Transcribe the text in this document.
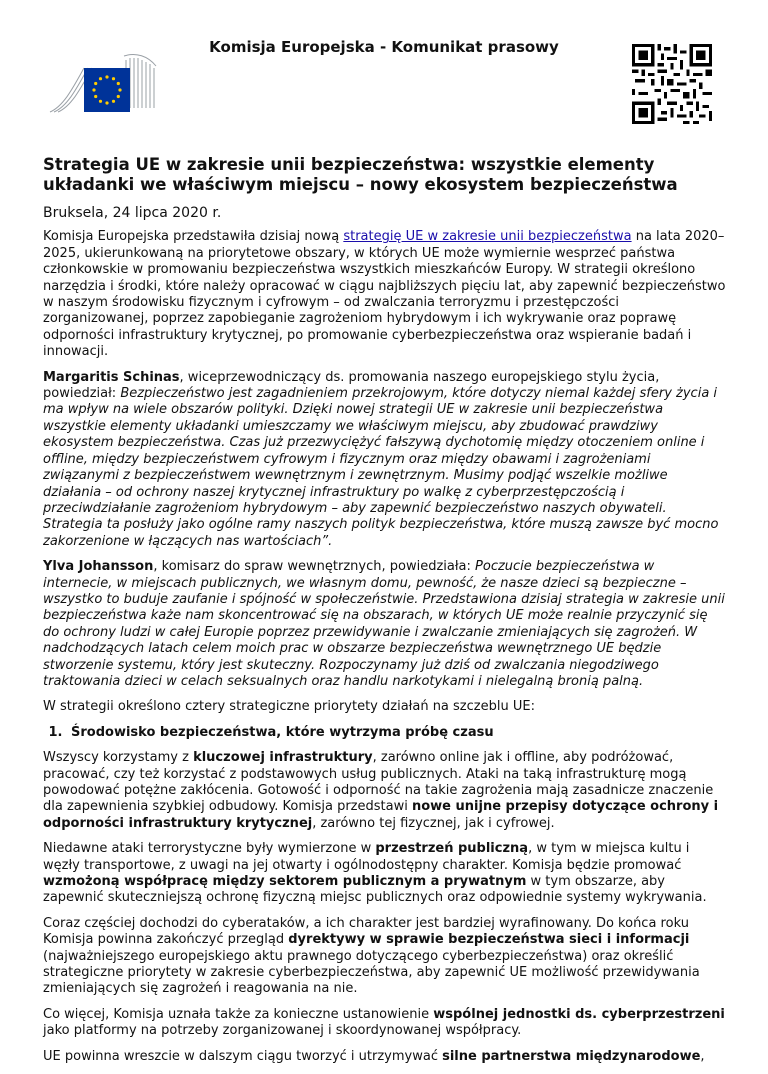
Komisja Europejska - Komunikat prasowy
Strategia UE w zakresie unii bezpieczeństwa: wszystkie elementy układanki we właściwym miejscu – nowy ekosystem bezpieczeństwa
Bruksela, 24 lipca 2020 r.

Komisja Europejska przedstawiła dzisiaj nową strategię UE w zakresie unii bezpieczeństwa na lata 2020–2025, ukierunkowaną na priorytetowe obszary, w których UE może wymiernie wesprzeć państwa członkowskie w promowaniu bezpieczeństwa wszystkich mieszkańców Europy. W strategii określono narzędzia i środki, które należy opracować w ciągu najbliższych pięciu lat, aby zapewnić bezpieczeństwo w naszym środowisku fizycznym i cyfrowym – od zwalczania terroryzmu i przestępczości zorganizowanej, poprzez zapobieganie zagrożeniom hybrydowym i ich wykrywanie oraz poprawę odporności infrastruktury krytycznej, po promowanie cyberbezpieczeństwa oraz wspieranie badań i innowacji.

Margaritis Schinas, wiceprzewodniczący ds. promowania naszego europejskiego stylu życia, powiedział: Bezpieczeństwo jest zagadnieniem przekrojowym, które dotyczy niemal każdej sfery życia i ma wpływ na wiele obszarów polityki. Dzięki nowej strategii UE w zakresie unii bezpieczeństwa wszystkie elementy układanki umieszczamy we właściwym miejscu, aby zbudować prawdziwy ekosystem bezpieczeństwa. Czas już przezwyciężyć fałszywą dychotomię między otoczeniem online i offline, między bezpieczeństwem cyfrowym i fizycznym oraz między obawami i zagrożeniami związanymi z bezpieczeństwem wewnętrznym i zewnętrznym. Musimy podjąć wszelkie możliwe działania – od ochrony naszej krytycznej infrastruktury po walkę z cyberprzestępczością i przeciwdziałanie zagrożeniom hybrydowym – aby zapewnić bezpieczeństwo naszych obywateli. Strategia ta posłuży jako ogólne ramy naszych polityk bezpieczeństwa, które muszą zawsze być mocno zakorzenione w łączących nas wartościach”.

Ylva Johansson, komisarz do spraw wewnętrznych, powiedziała: Poczucie bezpieczeństwa w internecie, w miejscach publicznych, we własnym domu, pewność, że nasze dzieci są bezpieczne – wszystko to buduje zaufanie i spójność w społeczeństwie. Przedstawiona dzisiaj strategia w zakresie unii bezpieczeństwa każe nam skoncentrować się na obszarach, w których UE może realnie przyczynić się do ochrony ludzi w całej Europie poprzez przewidywanie i zwalczanie zmieniających się zagrożeń. W nadchodzących latach celem moich prac w obszarze bezpieczeństwa wewnętrznego UE będzie stworzenie systemu, który jest skuteczny. Rozpoczynamy już dziś od zwalczania niegodziwego traktowania dzieci w celach seksualnych oraz handlu narkotykami i nielegalną bronią palną.

W strategii określono cztery strategiczne priorytety działań na szczeblu UE:

1. Środowisko bezpieczeństwa, które wytrzyma próbę czasu

Wszyscy korzystamy z kluczowej infrastruktury, zarówno online jak i offline, aby podróżować, pracować, czy też korzystać z podstawowych usług publicznych. Ataki na taką infrastrukturę mogą powodować potężne zakłócenia. Gotowość i odporność na takie zagrożenia mają zasadnicze znaczenie dla zapewnienia szybkiej odbudowy. Komisja przedstawi nowe unijne przepisy dotyczące ochrony i odporności infrastruktury krytycznej, zarówno tej fizycznej, jak i cyfrowej.

Niedawne ataki terrorystyczne były wymierzone w przestrzeń publiczną, w tym w miejsca kultu i węzły transportowe, z uwagi na jej otwarty i ogólnodostępny charakter. Komisja będzie promować wzmożoną współpracę między sektorem publicznym a prywatnym w tym obszarze, aby zapewnić skuteczniejszą ochronę fizyczną miejsc publicznych oraz odpowiednie systemy wykrywania.

Coraz częściej dochodzi do cyberataków, a ich charakter jest bardziej wyrafinowany. Do końca roku Komisja powinna zakończyć przegląd dyrektywy w sprawie bezpieczeństwa sieci i informacji (najważniejszego europejskiego aktu prawnego dotyczącego cyberbezpieczeństwa) oraz określić strategiczne priorytety w zakresie cyberbezpieczeństwa, aby zapewnić UE możliwość przewidywania zmieniających się zagrożeń i reagowania na nie.

Co więcej, Komisja uznała także za konieczne ustanowienie wspólnej jednostki ds. cyberprzestrzeni jako platformy na potrzeby zorganizowanej i skoordynowanej współpracy.

UE powinna wreszcie w dalszym ciągu tworzyć i utrzymywać silne partnerstwa międzynarodowe,
